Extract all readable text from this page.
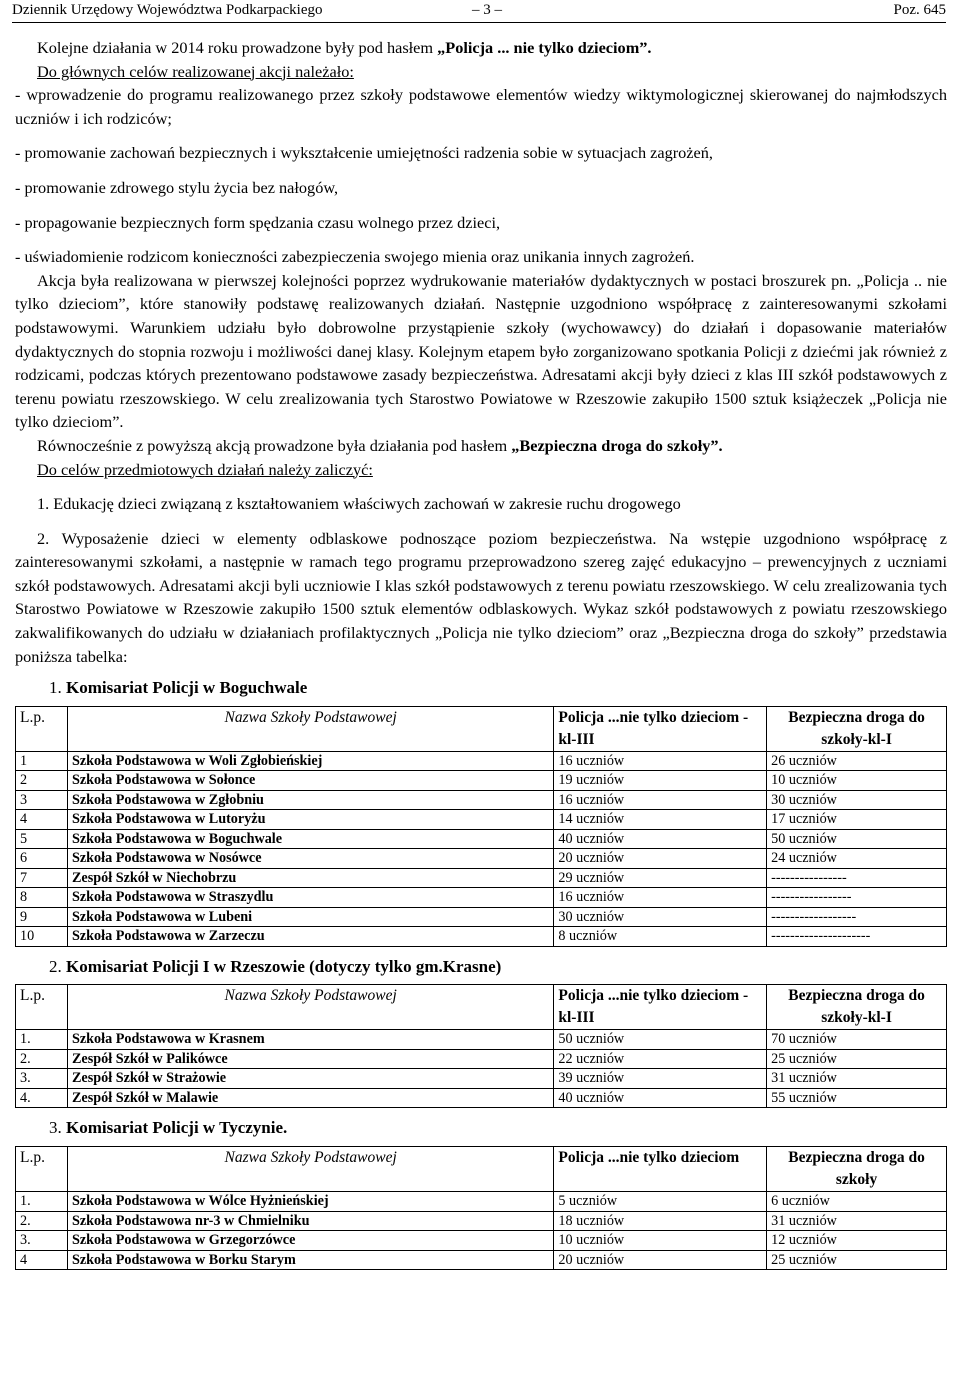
Dziennik Urzędowy Województwa Podkarpackiego	– 3 –	Poz. 645

Kolejne działania w 2014 roku prowadzone były pod hasłem „Policja ... nie tylko dzieciom”.

Do głównych celów realizowanej akcji należało:

- wprowadzenie do programu realizowanego przez szkoły podstawowe elementów wiedzy wiktymologicznej skierowanej do najmłodszych uczniów i ich rodziców;

- promowanie zachowań bezpiecznych i wykształcenie umiejętności radzenia sobie w sytuacjach zagrożeń,

- promowanie zdrowego stylu życia bez nałogów,

- propagowanie bezpiecznych form spędzania czasu wolnego przez dzieci,

- uświadomienie rodzicom konieczności zabezpieczenia swojego mienia oraz unikania innych zagrożeń.

Akcja była realizowana w pierwszej kolejności poprzez wydrukowanie materiałów dydaktycznych w postaci broszurek pn. „Policja .. nie tylko dzieciom”, które stanowiły podstawę realizowanych działań. Następnie uzgodniono współpracę z zainteresowanymi szkołami podstawowymi. Warunkiem udziału było dobrowolne przystąpienie szkoły (wychowawcy) do działań i dopasowanie materiałów dydaktycznych do stopnia rozwoju i możliwości danej klasy. Kolejnym etapem było zorganizowano spotkania Policji z dziećmi jak również z rodzicami, podczas których prezentowano podstawowe zasady bezpieczeństwa. Adresatami akcji były dzieci z klas III szkół podstawowych z terenu powiatu rzeszowskiego. W celu zrealizowania tych Starostwo Powiatowe w Rzeszowie zakupiło 1500 sztuk książeczek „Policja nie tylko dzieciom”.

Równocześnie z powyższą akcją prowadzone była działania pod hasłem „Bezpieczna droga do szkoły”.

Do celów przedmiotowych działań należy zaliczyć:

1. Edukację dzieci związaną z kształtowaniem właściwych zachowań w zakresie ruchu drogowego

2. Wyposażenie dzieci w elementy odblaskowe podnoszące poziom bezpieczeństwa. Na wstępie uzgodniono współpracę z zainteresowanymi szkołami, a następnie w ramach tego programu przeprowadzono szereg zajęć edukacyjno – prewencyjnych z uczniami szkół podstawowych. Adresatami akcji byli uczniowie I klas szkół podstawowych z terenu powiatu rzeszowskiego. W celu zrealizowania tych Starostwo Powiatowe w Rzeszowie zakupiło 1500 sztuk elementów odblaskowych. Wykaz szkół podstawowych z powiatu rzeszowskiego zakwalifikowanych do udziału w działaniach profilaktycznych „Policja nie tylko dzieciom” oraz „Bezpieczna droga do szkoły” przedstawia poniższa tabelka:

1. Komisariat Policji w Boguchwale

L.p.	Nazwa Szkoły Podstawowej	Policja ...nie tylko dzieciom -kl-III	Bezpieczna droga do szkoły-kl-I
1	Szkoła Podstawowa w Woli Zgłobieńskiej	16 uczniów	26 uczniów
2	Szkoła Podstawowa w Sołonce	19 uczniów	10 uczniów
3	Szkoła Podstawowa w Zgłobniu	16 uczniów	30 uczniów
4	Szkoła Podstawowa w Lutoryżu	14 uczniów	17 uczniów
5	Szkoła Podstawowa w Boguchwale	40 uczniów	50 uczniów
6	Szkoła Podstawowa w Nosówce	20 uczniów	24 uczniów
7	Zespół Szkół w Niechobrzu	29 uczniów	----------------
8	Szkoła Podstawowa w Straszydlu	16 uczniów	-----------------
9	Szkoła Podstawowa w Lubeni	30 uczniów	------------------
10	Szkoła Podstawowa w Zarzeczu	8 uczniów	---------------------

2. Komisariat Policji I w Rzeszowie (dotyczy tylko gm.Krasne)

L.p.	Nazwa Szkoły Podstawowej	Policja ...nie tylko dzieciom -kl-III	Bezpieczna droga do szkoły-kl-I
1.	Szkoła Podstawowa w Krasnem	50 uczniów	70 uczniów
2.	Zespół Szkół w Palikówce	22 uczniów	25 uczniów
3.	Zespół Szkół w Strażowie	39 uczniów	31 uczniów
4.	Zespół Szkół w Malawie	40 uczniów	55 uczniów

3. Komisariat Policji w Tyczynie.

L.p.	Nazwa Szkoły Podstawowej	Policja ...nie tylko dzieciom	Bezpieczna droga do szkoły
1.	Szkoła Podstawowa w Wólce Hyżnieńskiej	5 uczniów	6 uczniów
2.	Szkoła Podstawowa nr-3 w Chmielniku	18 uczniów	31 uczniów
3.	Szkoła Podstawowa w Grzegorzówce	10 uczniów	12 uczniów
4	Szkoła Podstawowa w Borku Starym	20 uczniów	25 uczniów
